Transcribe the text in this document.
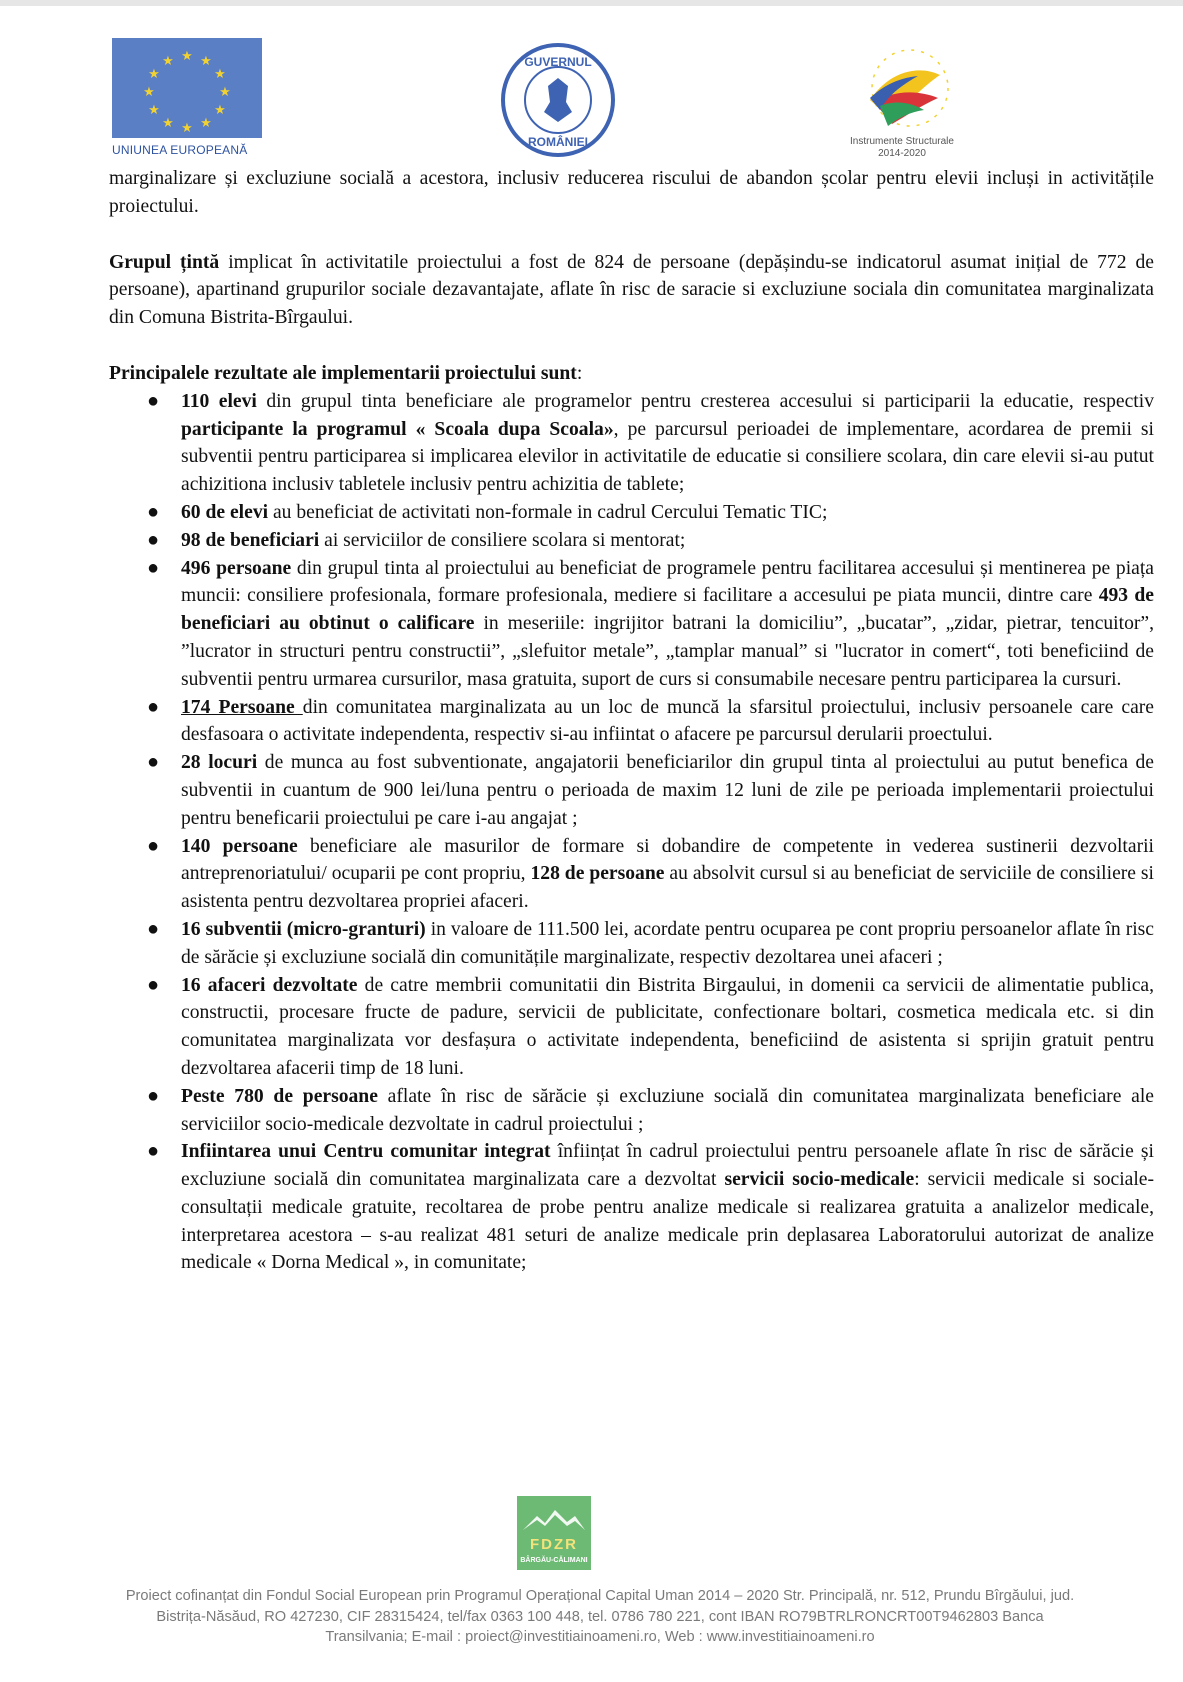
★ ★
★
★
★
★
★
★
★
★
★
★
UNIUNEA EUROPEANĂ
GUVERNUL
ROMÂNIEI	Instrumente Structurale
2014-2020

marginalizare și excluziune socială a acestora, inclusiv reducerea riscului de abandon școlar pentru elevii incluși in activitățile proiectului.

Grupul țintă implicat în activitatile proiectului a fost de 824 de persoane (depășindu-se indicatorul asumat inițial de 772 de persoane), apartinand grupurilor sociale dezavantajate, aflate în risc de saracie si excluziune sociala din comunitatea marginalizata din Comuna Bistrita-Bîrgaului.

Principalele rezultate ale implementarii proiectului sunt:

● 110 elevi din grupul tinta beneficiare ale programelor pentru cresterea accesului si participarii la educatie, respectiv participante la programul « Scoala dupa Scoala», pe parcursul perioadei de implementare, acordarea de premii si subventii pentru participarea si implicarea elevilor in activitatile de educatie si consiliere scolara, din care elevii si-au putut achizitiona inclusiv tabletele inclusiv pentru achizitia de tablete;
● 60 de elevi au beneficiat de activitati non-formale in cadrul Cercului Tematic TIC;
● 98 de beneficiari ai serviciilor de consiliere scolara si mentorat;
● 496 persoane din grupul tinta al proiectului au beneficiat de programele pentru facilitarea accesului și mentinerea pe piața muncii: consiliere profesionala, formare profesionala, mediere si facilitare a accesului pe piata muncii, dintre care 493 de beneficiari au obtinut o calificare in meseriile: ingrijitor batrani la domiciliu”, „bucatar”, „zidar, pietrar, tencuitor”, ”lucrator in structuri pentru constructii”, „slefuitor metale”, „tamplar manual” si "lucrator in comert“, toti beneficiind de subventii pentru urmarea cursurilor, masa gratuita, suport de curs si consumabile necesare pentru participarea la cursuri.
● 174 Persoane din comunitatea marginalizata au un loc de muncă la sfarsitul proiectului, inclusiv persoanele care care desfasoara o activitate independenta, respectiv si-au infiintat o afacere pe parcursul derularii proectului.
● 28 locuri de munca au fost subventionate, angajatorii beneficiarilor din grupul tinta al proiectului au putut benefica de subventii in cuantum de 900 lei/luna pentru o perioada de maxim 12 luni de zile pe perioada implementarii proiectului pentru beneficarii proiectului pe care i-au angajat ;
● 140 persoane beneficiare ale masurilor de formare si dobandire de competente in vederea sustinerii dezvoltarii antreprenoriatului/ ocuparii pe cont propriu, 128 de persoane au absolvit cursul si au beneficiat de serviciile de consiliere si asistenta pentru dezvoltarea propriei afaceri.
● 16 subventii (micro-granturi) in valoare de 111.500 lei, acordate pentru ocuparea pe cont propriu persoanelor aflate în risc de sărăcie și excluziune socială din comunitățile marginalizate, respectiv dezoltarea unei afaceri ;
● 16 afaceri dezvoltate de catre membrii comunitatii din Bistrita Birgaului, in domenii ca servicii de alimentatie publica, constructii, procesare fructe de padure, servicii de publicitate, confectionare boltari, cosmetica medicala etc. si din comunitatea marginalizata vor desfașura o activitate independenta, beneficiind de asistenta si sprijin gratuit pentru dezvoltarea afacerii timp de 18 luni.
● Peste 780 de persoane aflate în risc de sărăcie și excluziune socială din comunitatea marginalizata beneficiare ale serviciilor socio-medicale dezvoltate in cadrul proiectului ;
● Infiintarea unui Centru comunitar integrat înființat în cadrul proiectului pentru persoanele aflate în risc de sărăcie și excluziune socială din comunitatea marginalizata care a dezvoltat servicii socio-medicale: servicii medicale si sociale- consultații medicale gratuite, recoltarea de probe pentru analize medicale si realizarea gratuita a analizelor medicale, interpretarea acestora – s-au realizat 481 seturi de analize medicale prin deplasarea Laboratorului autorizat de analize medicale « Dorna Medical », in comunitate;
FDZR
BÂRGĂU-CĂLIMANI
Proiect cofinanțat din Fondul Social European prin Programul Operațional Capital Uman 2014 – 2020 Str. Principală, nr. 512, Prundu Bîrgăului, jud.
Bistrița-Năsăud, RO 427230, CIF 28315424, tel/fax 0363 100 448, tel. 0786 780 221, cont IBAN RO79BTRLRONCRT00T9462803 Banca
Transilvania; E-mail : proiect@investitiainoameni.ro, Web : www.investitiainoameni.ro
